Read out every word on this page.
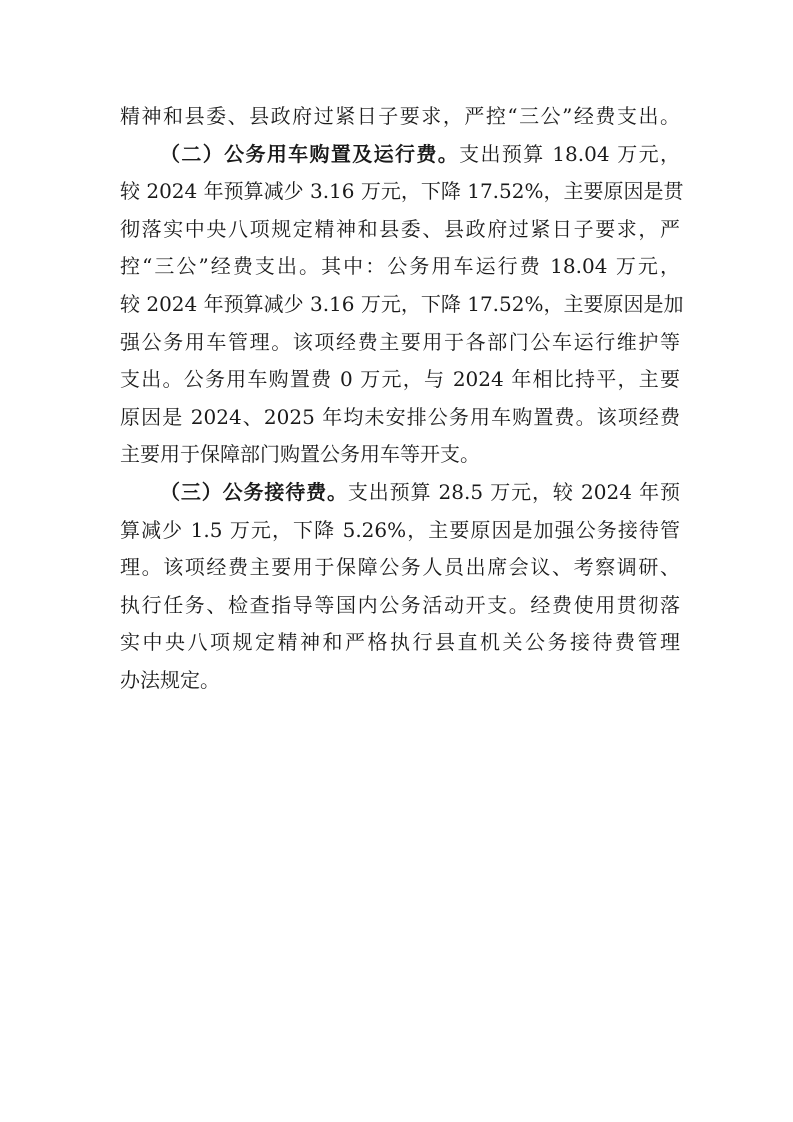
精神和县委、县政府过紧日子要求，严控“三公”经费支出。
（二）公务用车购置及运行费。支出预算 18.04 万元，
较 2024 年预算减少 3.16 万元，下降 17.52%，主要原因是贯
彻落实中央八项规定精神和县委、县政府过紧日子要求，严
控“三公”经费支出。其中：公务用车运行费 18.04 万元，
较 2024 年预算减少 3.16 万元，下降 17.52%，主要原因是加
强公务用车管理。该项经费主要用于各部门公车运行维护等
支出。公务用车购置费 0 万元，与 2024 年相比持平，主要
原因是 2024、2025 年均未安排公务用车购置费。该项经费
主要用于保障部门购置公务用车等开支。
（三）公务接待费。支出预算 28.5 万元，较 2024 年预
算减少 1.5 万元，下降 5.26%，主要原因是加强公务接待管
理。该项经费主要用于保障公务人员出席会议、考察调研、
执行任务、检查指导等国内公务活动开支。经费使用贯彻落
实中央八项规定精神和严格执行县直机关公务接待费管理
办法规定。
